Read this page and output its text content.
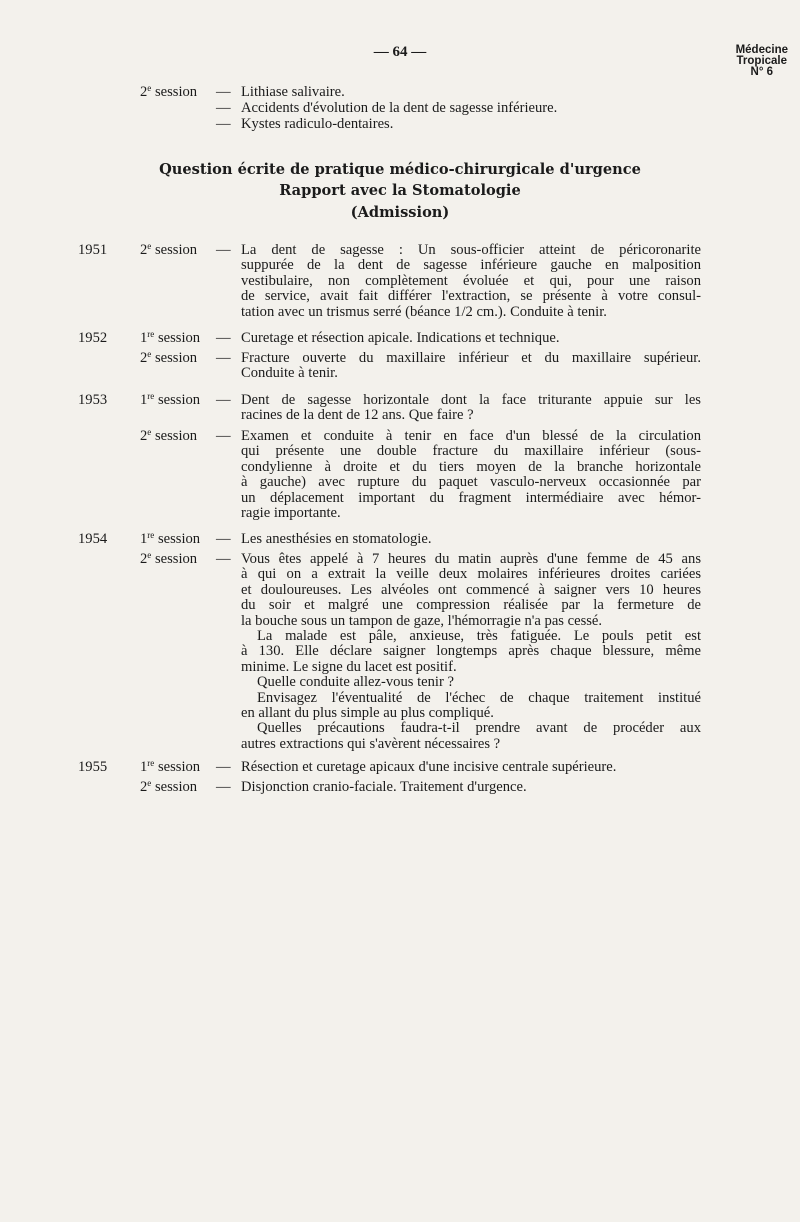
— 64 —	Médecine
Tropicale
N° 6
2e session — Lithiase salivaire.
— Accidents d'évolution de la dent de sagesse inférieure.
— Kystes radiculo-dentaires.
Question écrite de pratique médico-chirurgicale d'urgence
Rapport avec la Stomatologie
(Admission)
1951 2e session — La dent de sagesse : Un sous-officier atteint de péricoronarite
suppurée de la dent de sagesse inférieure gauche en malposition
vestibulaire, non complètement évoluée et qui, pour une raison
de service, avait fait différer l'extraction, se présente à votre consul-
tation avec un trismus serré (béance 1/2 cm.). Conduite à tenir.
1952 1re session — Curetage et résection apicale. Indications et technique.
2e session — Fracture ouverte du maxillaire inférieur et du maxillaire supérieur.
Conduite à tenir.
1953 1re session — Dent de sagesse horizontale dont la face triturante appuie sur les
racines de la dent de 12 ans. Que faire ?
2e session — Examen et conduite à tenir en face d'un blessé de la circulation
qui présente une double fracture du maxillaire inférieur (sous-
condylienne à droite et du tiers moyen de la branche horizontale
à gauche) avec rupture du paquet vasculo-nerveux occasionnée par
un déplacement important du fragment intermédiaire avec hémor-
ragie importante.
1954 1re session — Les anesthésies en stomatologie.
2e session — Vous êtes appelé à 7 heures du matin auprès d'une femme de 45 ans
à qui on a extrait la veille deux molaires inférieures droites cariées
et douloureuses. Les alvéoles ont commencé à saigner vers 10 heures
du soir et malgré une compression réalisée par la fermeture de
la bouche sous un tampon de gaze, l'hémorragie n'a pas cessé.
La malade est pâle, anxieuse, très fatiguée. Le pouls petit est
à 130. Elle déclare saigner longtemps après chaque blessure, même
minime. Le signe du lacet est positif.
Quelle conduite allez-vous tenir ?
Envisagez l'éventualité de l'échec de chaque traitement institué
en allant du plus simple au plus compliqué.
Quelles précautions faudra-t-il prendre avant de procéder aux
autres extractions qui s'avèrent nécessaires ?
1955 1re session — Résection et curetage apicaux d'une incisive centrale supérieure.
2e session — Disjonction cranio-faciale. Traitement d'urgence.
